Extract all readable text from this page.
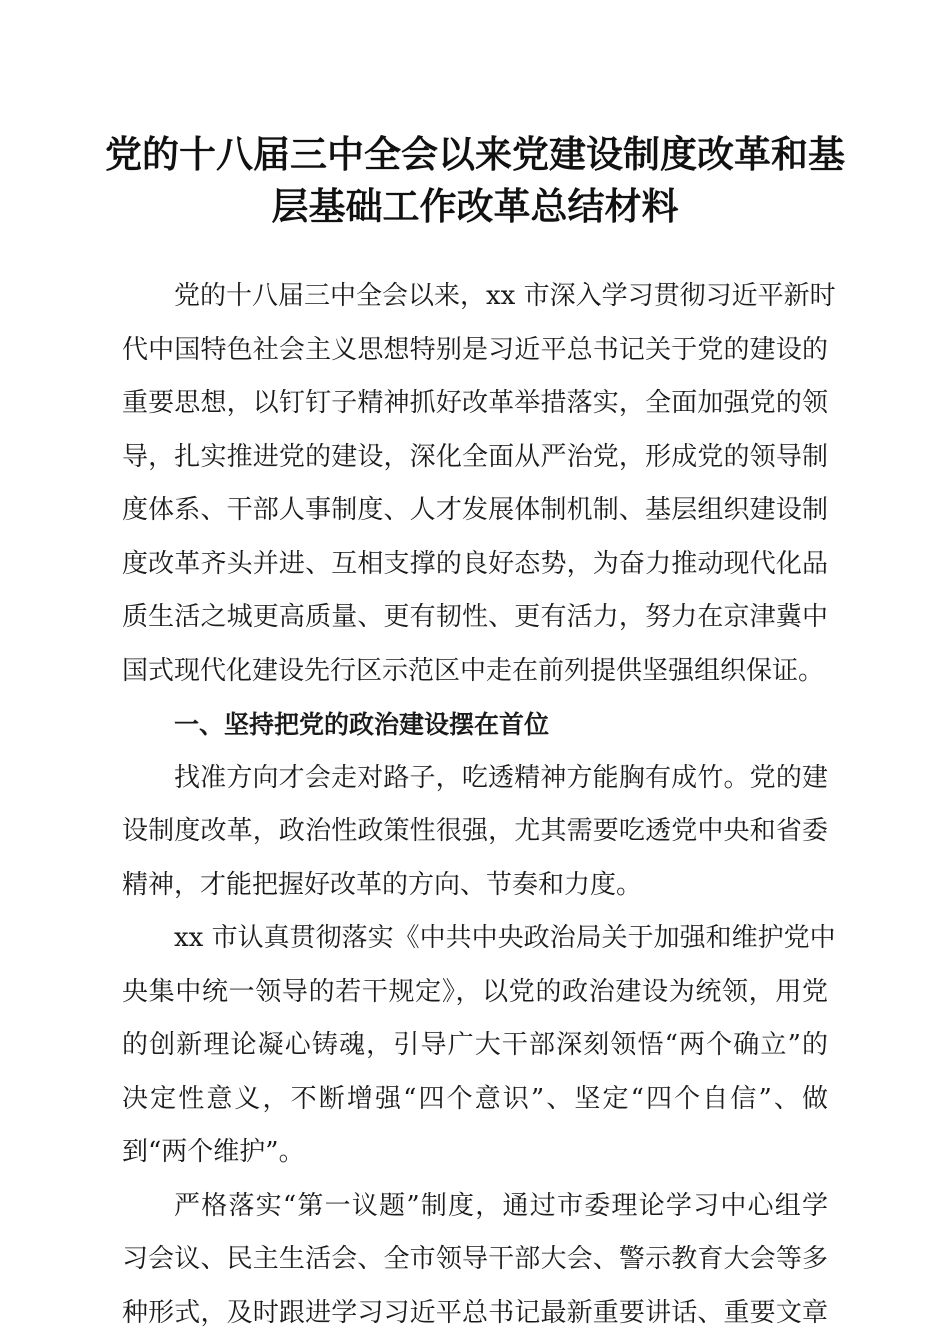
党的十八届三中全会以来党建设制度改革和基
层基础工作改革总结材料
党的十八届三中全会以来，xx 市深入学习贯彻习近平新时
代中国特色社会主义思想特别是习近平总书记关于党的建设的
重要思想，以钉钉子精神抓好改革举措落实，全面加强党的领
导，扎实推进党的建设，深化全面从严治党，形成党的领导制
度体系、干部人事制度、人才发展体制机制、基层组织建设制
度改革齐头并进、互相支撑的良好态势，为奋力推动现代化品
质生活之城更高质量、更有韧性、更有活力，努力在京津冀中
国式现代化建设先行区示范区中走在前列提供坚强组织保证。
一、坚持把党的政治建设摆在首位
找准方向才会走对路子，吃透精神方能胸有成竹。党的建
设制度改革，政治性政策性很强，尤其需要吃透党中央和省委
精神，才能把握好改革的方向、节奏和力度。
xx 市认真贯彻落实《中共中央政治局关于加强和维护党中
央集中统一领导的若干规定》，以党的政治建设为统领，用党
的创新理论凝心铸魂，引导广大干部深刻领悟“两个确立”的
决定性意义，不断增强“四个意识”、坚定“四个自信”、做
到“两个维护”。
严格落实“第一议题”制度，通过市委理论学习中心组学
习会议、民主生活会、全市领导干部大会、警示教育大会等多
种形式，及时跟进学习习近平总书记最新重要讲话、重要文章
